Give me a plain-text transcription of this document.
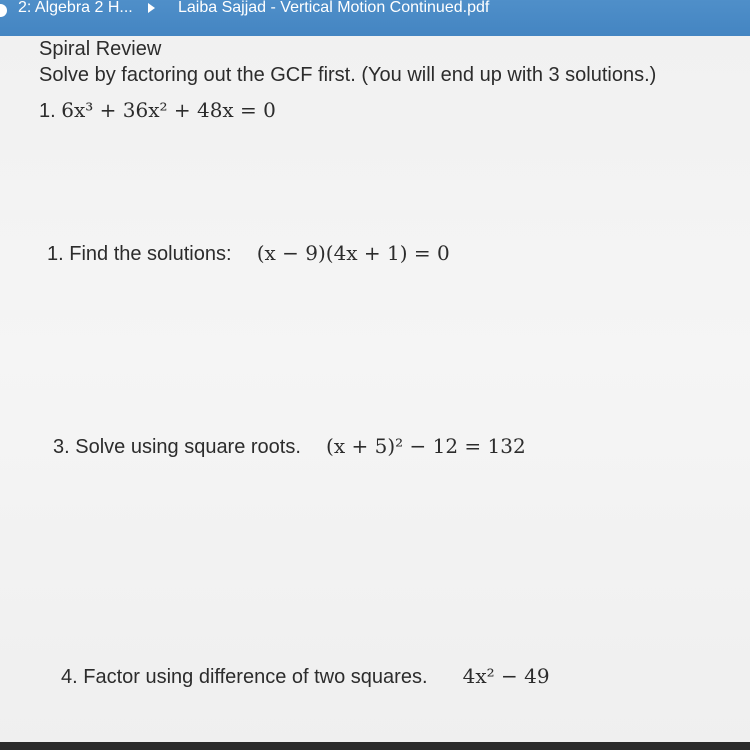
2: Algebra 2 H...	Laiba Sajjad - Vertical Motion Continued.pdf
Spiral Review
Solve by factoring out the GCF first. (You will end up with 3 solutions.)
1. 6x³ + 36x² + 48x = 0
1. Find the solutions: (x − 9)(4x + 1) = 0
3. Solve using square roots. (x + 5)² − 12 = 132
4. Factor using difference of two squares. 4x² − 49
